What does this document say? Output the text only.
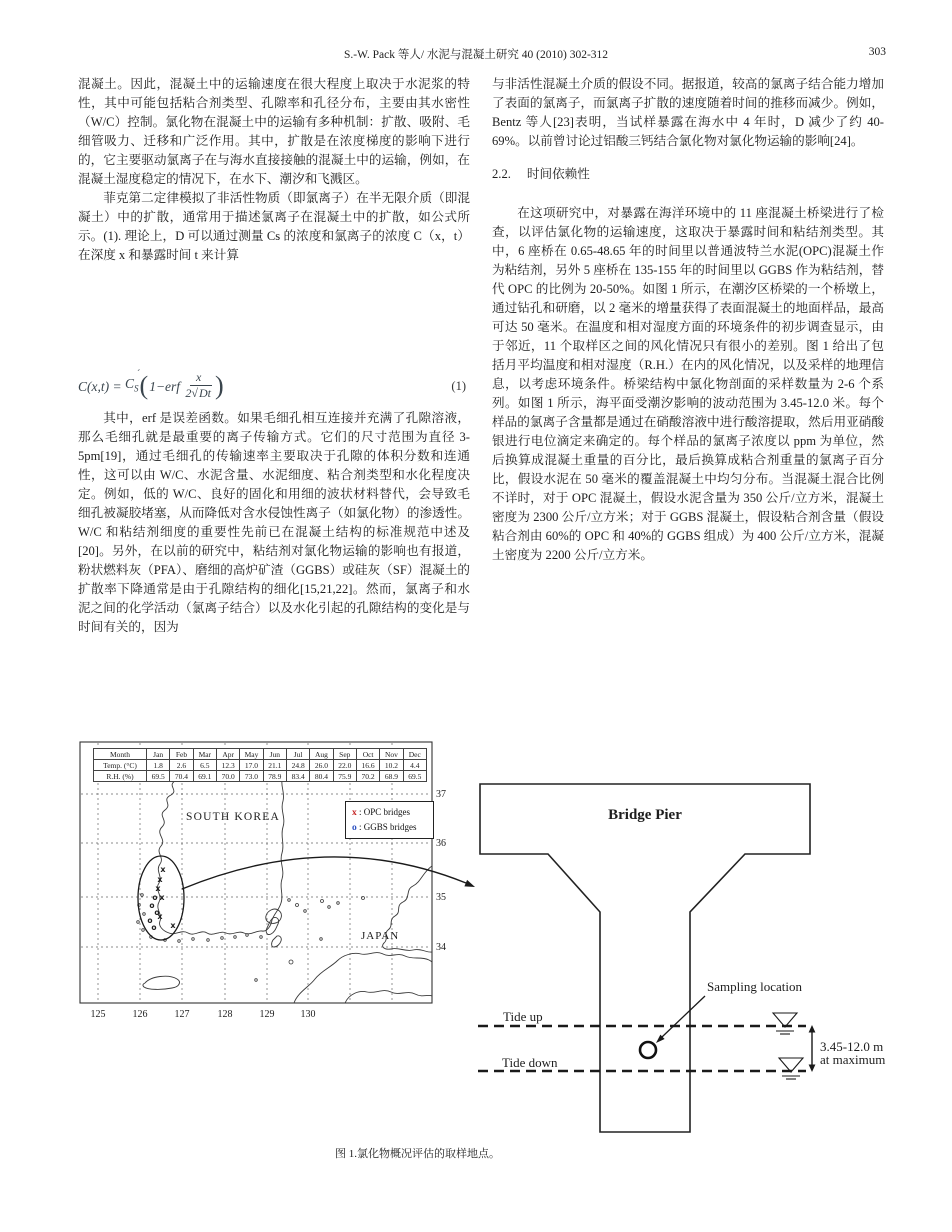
S.-W. Pack 等人/ 水泥与混凝土研究 40 (2010) 302-312	303

混凝土。因此，混凝土中的运输速度在很大程度上取决于水泥浆的特性，其中可能包括粘合剂类型、孔隙率和孔径分布，主要由其水密性（W/C）控制。氯化物在混凝土中的运输有多种机制：扩散、吸附、毛细管吸力、迁移和广泛作用。其中，扩散是在浓度梯度的影响下进行的，它主要驱动氯离子在与海水直接接触的混凝土中的运输，例如，在混凝土湿度稳定的情况下，在水下、潮汐和飞溅区。

菲克第二定律模拟了非活性物质（即氯离子）在半无限介质（即混凝土）中的扩散，通常用于描述氯离子在混凝土中的扩散，如公式所示。(1). 理论上，D 可以通过测量 Cs 的浓度和氯离子的浓度 C（x，t）在深度 x 和暴露时间 t 来计算

$C(x,t) = C_S$
ˊ ( $1-erf \frac{x}{2 √Dt}$ )	(1)

其中，erf 是误差函数。如果毛细孔相互连接并充满了孔隙溶液，那么毛细孔就是最重要的离子传输方式。它们的尺寸范围为直径 3-5pm[19]，通过毛细孔的传输速率主要取决于孔隙的体积分数和连通性，这可以由 W/C、水泥含量、水泥细度、粘合剂类型和水化程度决定。例如，低的 W/C、良好的固化和用细的波状材料替代，会导致毛细孔被凝胶堵塞，从而降低对含水侵蚀性离子（如氯化物）的渗透性。W/C 和粘结剂细度的重要性先前已在混凝土结构的标准规范中述及[20]。另外，在以前的研究中，粘结剂对氯化物运输的影响也有报道，粉状燃料灰（PFA）、磨细的高炉矿渣（GGBS）或硅灰（SF）混凝土的扩散率下降通常是由于孔隙结构的细化[15,21,22]。然而，氯离子和水泥之间的化学活动（氯离子结合）以及水化引起的孔隙结构的变化是与时间有关的，因为

与非活性混凝土介质的假设不同。据报道，较高的氯离子结合能力增加了表面的氯离子，而氯离子扩散的速度随着时间的推移而减少。例如，Bentz 等人[23]表明，当试样暴露在海水中 4 年时，D 减少了约 40-69%。以前曾讨论过铝酸三钙结合氯化物对氯化物运输的影响[24]。

2.2. 时间依赖性

在这项研究中，对暴露在海洋环境中的 11 座混凝土桥梁进行了检查，以评估氯化物的运输速度，这取决于暴露时间和粘结剂类型。其中，6 座桥在 0.65-48.65 年的时间里以普通波特兰水泥(OPC)混凝土作为粘结剂，另外 5 座桥在 135-155 年的时间里以 GGBS 作为粘结剂，替代 OPC 的比例为 20-50%。如图 1 所示，在潮汐区桥梁的一个桥墩上，通过钻孔和研磨，以 2 毫米的增量获得了表面混凝土的地面样品，最高可达 50 毫米。在温度和相对湿度方面的环境条件的初步调查显示，由于邻近，11 个取样区之间的风化情况只有很小的差别。图 1 给出了包括月平均温度和相对湿度（R.H.）在内的风化情况，以及采样的地理信息，以考虑环境条件。桥梁结构中氯化物剖面的采样数量为 2-6 个系列。如图 1 所示，海平面受潮汐影响的波动范围为 3.45-12.0 米。每个样品的氯离子含量都是通过在硝酸溶液中进行酸溶提取，然后用亚硝酸银进行电位滴定来确定的。每个样品的氯离子浓度以 ppm 为单位，然后换算成混凝土重量的百分比，最后换算成粘合剂重量的氯离子百分比，假设水泥在 50 毫米的覆盖混凝土中均匀分布。当混凝土混合比例不详时，对于 OPC 混凝土，假设水泥含量为 350 公斤/立方米，混凝土密度为 2300 公斤/立方米；对于 GGBS 混凝土，假设粘合剂含量（假设粘合剂由 60%的 OPC 和 40%的 GGBS 组成）为 400 公斤/立方米，混凝土密度为 2200 公斤/立方米。

SOUTH KOREA
JAPAN
125	126	127	128	129	130
37
36
35
34
x
x
x
x
x
x
o
o
o
o
o
Bridge Pier
Tide up
Tide down
Sampling location
3.45-12.0 m
at maximum
Month	Jan	Feb	Mar	Apr	May	Jun	Jul	Aug	Sep	Oct	Nov	Dec
Temp. (°C)	1.8	2.6	6.5	12.3	17.0	21.1	24.8	26.0	22.0	16.6	10.2	4.4
R.H. (%)	69.5	70.4	69.1	70.0	73.0	78.9	83.4	80.4	75.9	70.2	68.9	69.5
x : OPC bridges
o : GGBS bridges
图 1.氯化物概况评估的取样地点。
